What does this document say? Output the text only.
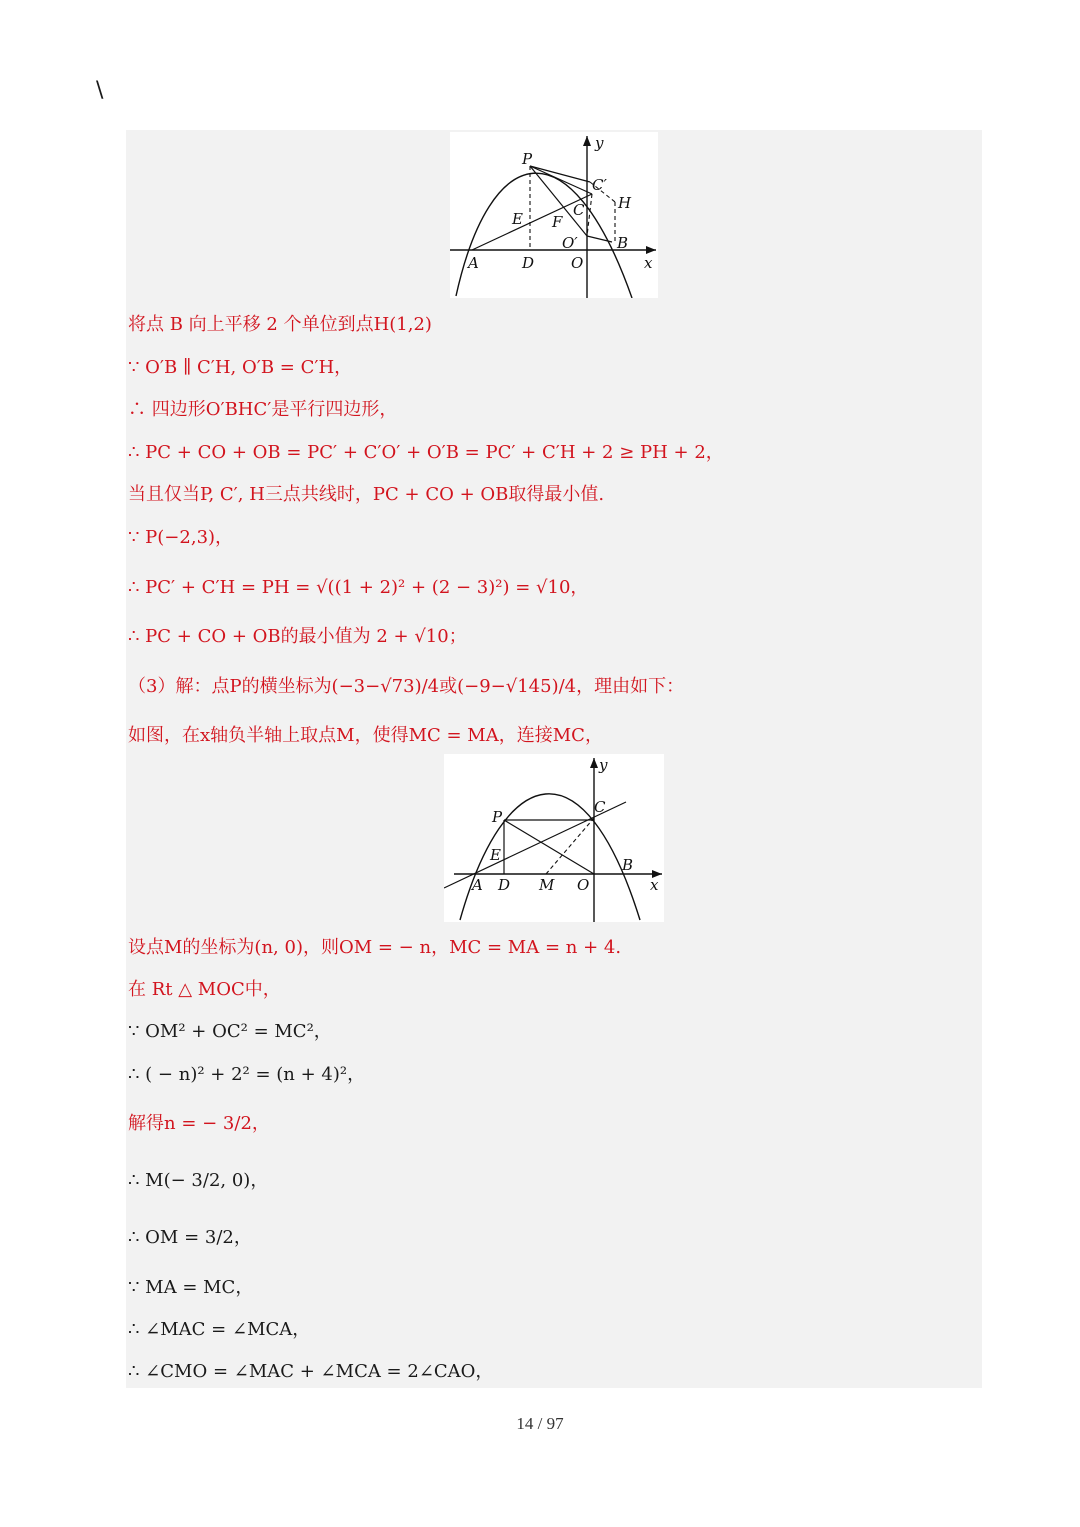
\
P
y
C′
H
E F
C
O′	B
A	D O	x
将点 B 向上平移 2 个单位到点H(1,2)
∵ O′B ∥ C′H, O′B = C′H，
∴ 四边形O′BHC′是平行四边形，
∴ PC + CO + OB = PC′ + C′O′ + O′B = PC′ + C′H + 2 ≥ PH + 2，
当且仅当P, C′, H三点共线时，PC + CO + OB取得最小值.
∵ P(−2,3)，
∴ PC′ + C′H = PH = √((1 + 2)² + (2 − 3)²) = √10，
∴ PC + CO + OB的最小值为 2 + √10；
（3）解：点P的横坐标为(−3−√73)/4或(−9−√145)/4，理由如下：
如图，在x轴负半轴上取点M，使得MC = MA，连接MC，
y
P
C
E
B
A D M O	x
设点M的坐标为(n, 0)，则OM = − n，MC = MA = n + 4.
在 Rt △ MOC中，
∵ OM² + OC² = MC²，
∴ ( − n)² + 2² = (n + 4)²，
解得n = − 3/2，
∴ M(− 3/2, 0)，
∴ OM = 3/2，
∵ MA = MC，
∴ ∠MAC = ∠MCA，
∴ ∠CMO = ∠MAC + ∠MCA = 2∠CAO，
14 / 97
